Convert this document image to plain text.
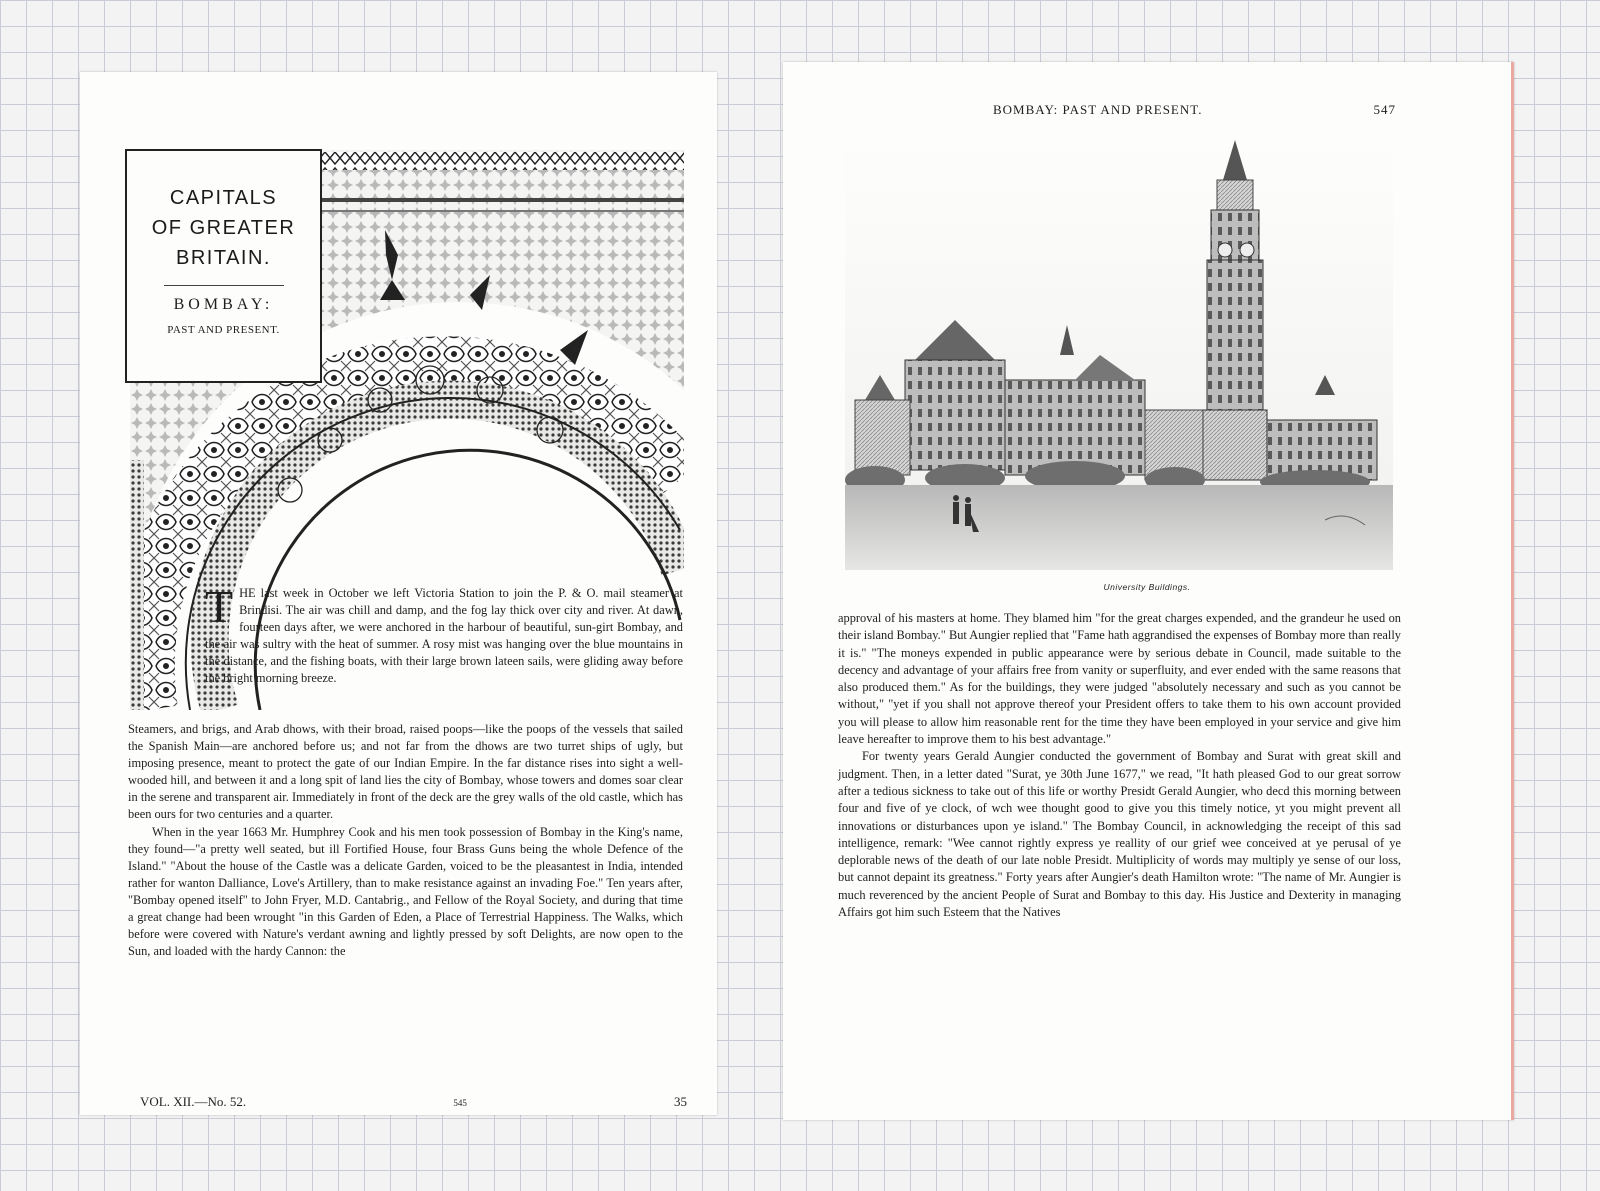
CAPITALS
OF GREATER
BRITAIN.
BOMBAY:
PAST AND PRESENT.
THE last week in October we left Victoria Station to join the P. & O. mail steamer at Brindisi. The air was chill and damp, and the fog lay thick over city and river. At dawn, fourteen days after, we were anchored in the harbour of beautiful, sun-girt Bombay, and the air was sultry with the heat of summer. A rosy mist was hanging over the blue mountains in the distance, and the fishing boats, with their large brown lateen sails, were gliding away before the bright morning breeze.

Steamers, and brigs, and Arab dhows, with their broad, raised poops—like the poops of the vessels that sailed the Spanish Main—are anchored before us; and not far from the dhows are two turret ships of ugly, but imposing presence, meant to protect the gate of our Indian Empire. In the far distance rises into sight a well-wooded hill, and between it and a long spit of land lies the city of Bombay, whose towers and domes soar clear in the serene and transparent air. Immediately in front of the deck are the grey walls of the old castle, which has been ours for two centuries and a quarter.

When in the year 1663 Mr. Humphrey Cook and his men took possession of Bombay in the King's name, they found—"a pretty well seated, but ill Fortified House, four Brass Guns being the whole Defence of the Island." "About the house of the Castle was a delicate Garden, voiced to be the pleasantest in India, intended rather for wanton Dalliance, Love's Artillery, than to make resistance against an invading Foe." Ten years after, "Bombay opened itself" to John Fryer, M.D. Cantabrig., and Fellow of the Royal Society, and during that time a great change had been wrought "in this Garden of Eden, a Place of Terrestrial Happiness. The Walks, which before were covered with Nature's verdant awning and lightly pressed by soft Delights, are now open to the Sun, and loaded with the hardy Cannon: the

VOL. XII.—No. 52.	545	35
BOMBAY: PAST AND PRESENT.	547
University Buildings.

approval of his masters at home. They blamed him "for the great charges expended, and the grandeur he used on their island Bombay." But Aungier replied that "Fame hath aggrandised the expenses of Bombay more than really it is." "The moneys expended in public appearance were by serious debate in Council, made suitable to the decency and advantage of your affairs free from vanity or superfluity, and ever ended with the same reasons that also produced them." As for the buildings, they were judged "absolutely necessary and such as you cannot be without," "yet if you shall not approve thereof your President offers to take them to his own account provided you will please to allow him reasonable rent for the time they have been employed in your service and give him leave hereafter to improve them to his best advantage."

For twenty years Gerald Aungier conducted the government of Bombay and Surat with great skill and judgment. Then, in a letter dated "Surat, ye 30th June 1677," we read, "It hath pleased God to our great sorrow after a tedious sickness to take out of this life or worthy Presidt Gerald Aungier, who decd this morning between four and five of ye clock, of wch wee thought good to give you this timely notice, yt you might prevent all innovations or disturbances upon ye island." The Bombay Council, in acknowledging the receipt of this sad intelligence, remark: "Wee cannot rightly express ye reallity of our grief wee conceived at ye perusal of ye deplorable news of the death of our late noble Presidt. Multiplicity of words may multiply ye sense of our loss, but cannot depaint its greatness." Forty years after Aungier's death Hamilton wrote: "The name of Mr. Aungier is much reverenced by the ancient People of Surat and Bombay to this day. His Justice and Dexterity in managing Affairs got him such Esteem that the Natives
